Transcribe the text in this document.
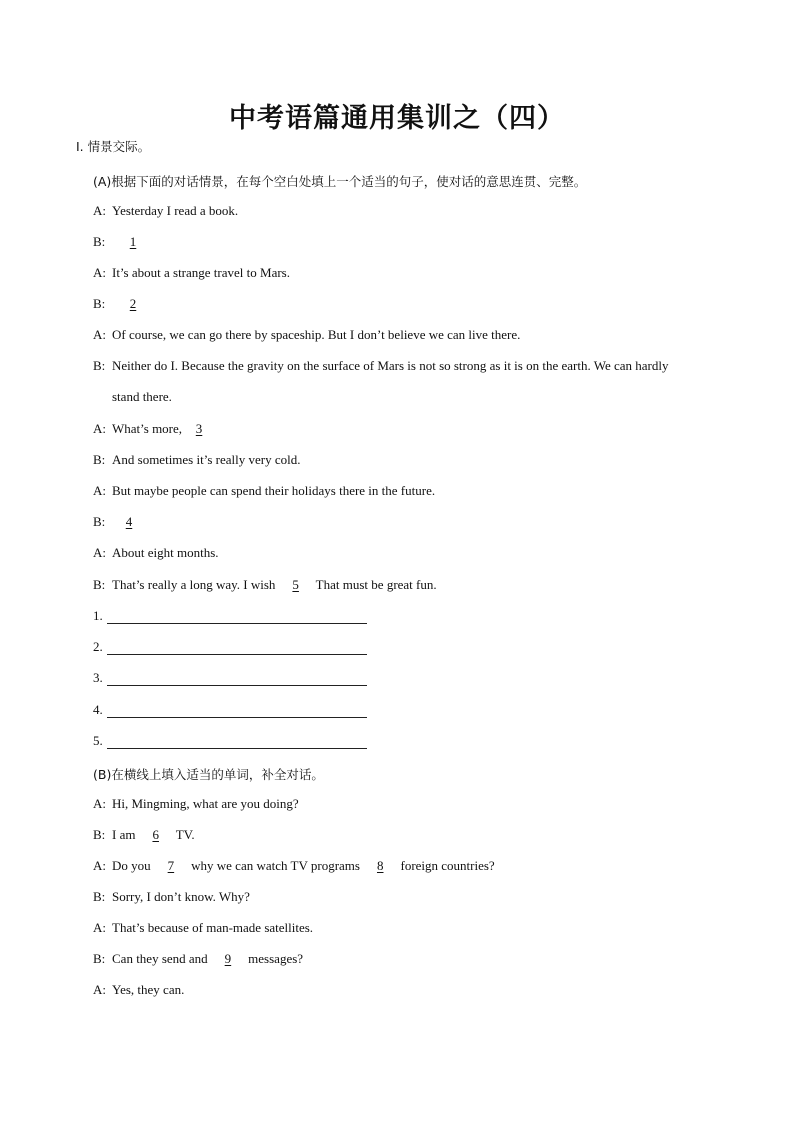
中考语篇通用集训之（四）
Ⅰ. 情景交际。
(A)根据下面的对话情景，在每个空白处填上一个适当的句子，使对话的意思连贯、完整。
A: Yesterday I read a book.
B: 1
A: It’s about a strange travel to Mars.
B: 2
A: Of course, we can go there by spaceship. But I don’t believe we can live there.
B: Neither do I. Because the gravity on the surface of Mars is not so strong as it is on the earth. We can hardly
stand there.
A: What’s more, 3
B: And sometimes it’s really very cold.
A: But maybe people can spend their holidays there in the future.
B: 4
A: About eight months.
B: That’s really a long way. I wish 5 That must be great fun.
1.
2.
3.
4.
5.
(B)在横线上填入适当的单词，补全对话。
A: Hi, Mingming, what are you doing?
B: I am 6 TV.
A: Do you 7 why we can watch TV programs 8 foreign countries?
B: Sorry, I don’t know. Why?
A: That’s because of man-made satellites.
B: Can they send and 9 messages?
A: Yes, they can.
